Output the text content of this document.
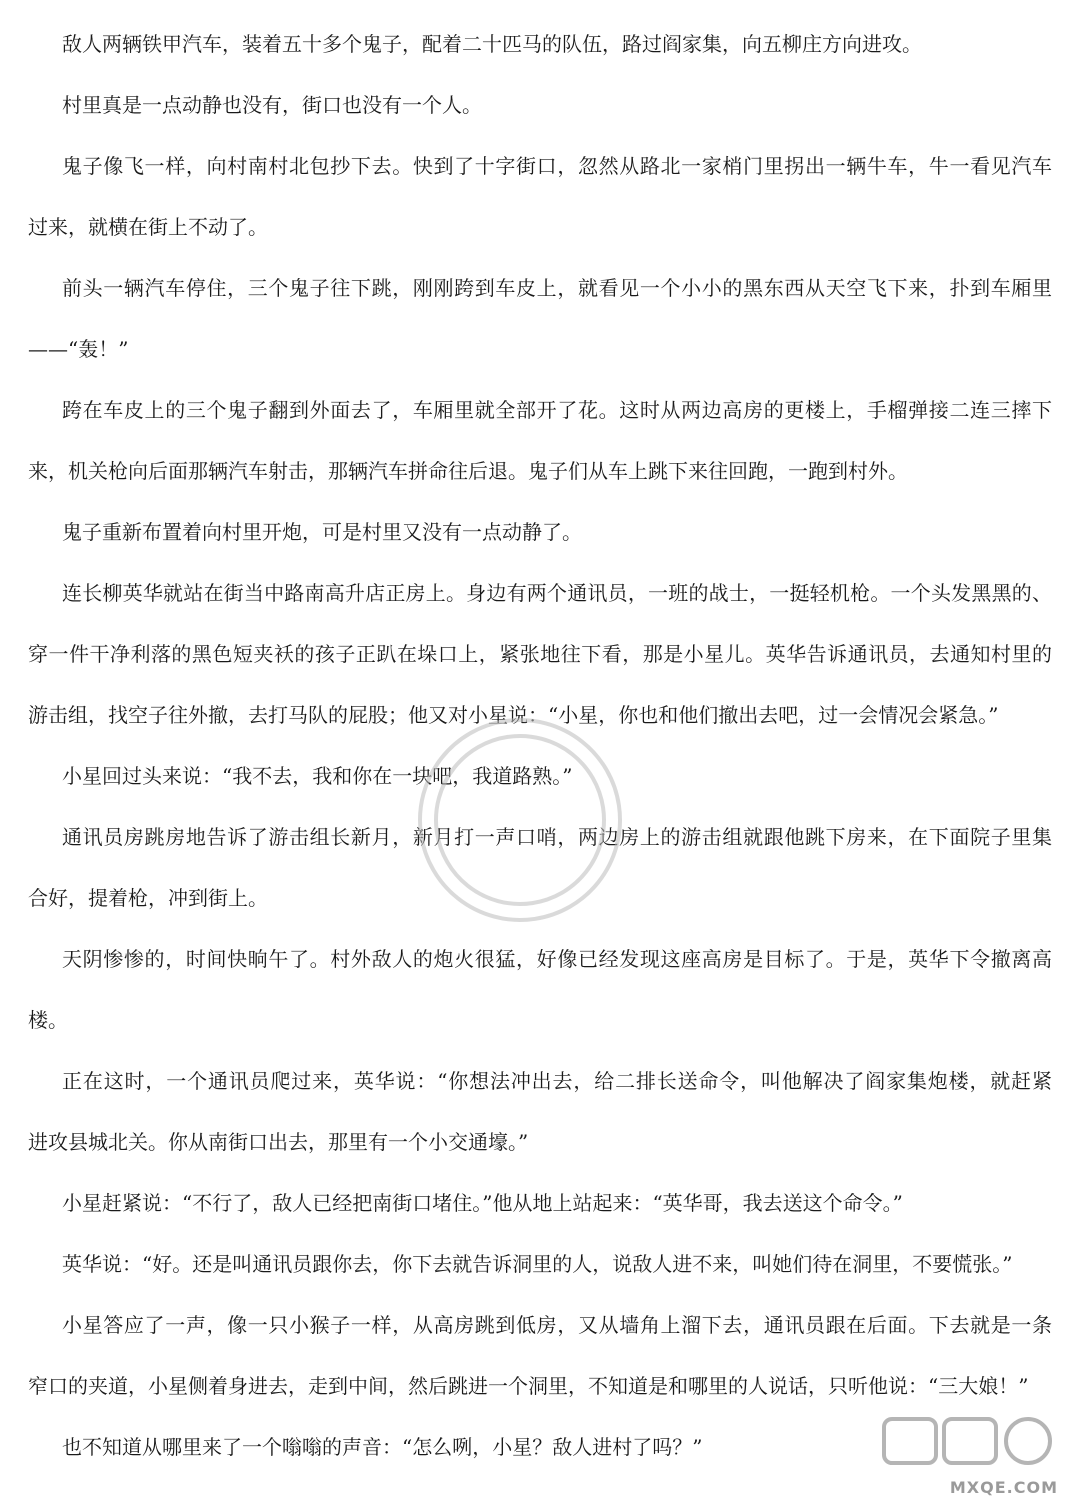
敌人两辆铁甲汽车，装着五十多个鬼子，配着二十匹马的队伍，路过阎家集，向五柳庄方向进攻。
村里真是一点动静也没有，街口也没有一个人。
鬼子像飞一样，向村南村北包抄下去。快到了十字街口，忽然从路北一家梢门里拐出一辆牛车，牛一看见汽车
过来，就横在街上不动了。
前头一辆汽车停住，三个鬼子往下跳，刚刚跨到车皮上，就看见一个小小的黑东西从天空飞下来，扑到车厢里
——“轰！”
跨在车皮上的三个鬼子翻到外面去了，车厢里就全部开了花。这时从两边高房的更楼上，手榴弹接二连三摔下
来，机关枪向后面那辆汽车射击，那辆汽车拼命往后退。鬼子们从车上跳下来往回跑，一跑到村外。
鬼子重新布置着向村里开炮，可是村里又没有一点动静了。
连长柳英华就站在街当中路南高升店正房上。身边有两个通讯员，一班的战士，一挺轻机枪。一个头发黑黑的、
穿一件干净利落的黑色短夹袄的孩子正趴在垛口上，紧张地往下看，那是小星儿。英华告诉通讯员，去通知村里的
游击组，找空子往外撤，去打马队的屁股；他又对小星说：“小星，你也和他们撤出去吧，过一会情况会紧急。”
小星回过头来说：“我不去，我和你在一块吧，我道路熟。”
通讯员房跳房地告诉了游击组长新月，新月打一声口哨，两边房上的游击组就跟他跳下房来，在下面院子里集
合好，提着枪，冲到街上。
天阴惨惨的，时间快晌午了。村外敌人的炮火很猛，好像已经发现这座高房是目标了。于是，英华下令撤离高
楼。
正在这时，一个通讯员爬过来，英华说：“你想法冲出去，给二排长送命令，叫他解决了阎家集炮楼，就赶紧
进攻县城北关。你从南街口出去，那里有一个小交通壕。”
小星赶紧说：“不行了，敌人已经把南街口堵住。”他从地上站起来：“英华哥，我去送这个命令。”
英华说：“好。还是叫通讯员跟你去，你下去就告诉洞里的人，说敌人进不来，叫她们待在洞里，不要慌张。”
小星答应了一声，像一只小猴子一样，从高房跳到低房，又从墙角上溜下去，通讯员跟在后面。下去就是一条
窄口的夹道，小星侧着身进去，走到中间，然后跳进一个洞里，不知道是和哪里的人说话，只听他说：“三大娘！”
也不知道从哪里来了一个嗡嗡的声音：“怎么咧，小星？敌人进村了吗？”
MXQE.COM
